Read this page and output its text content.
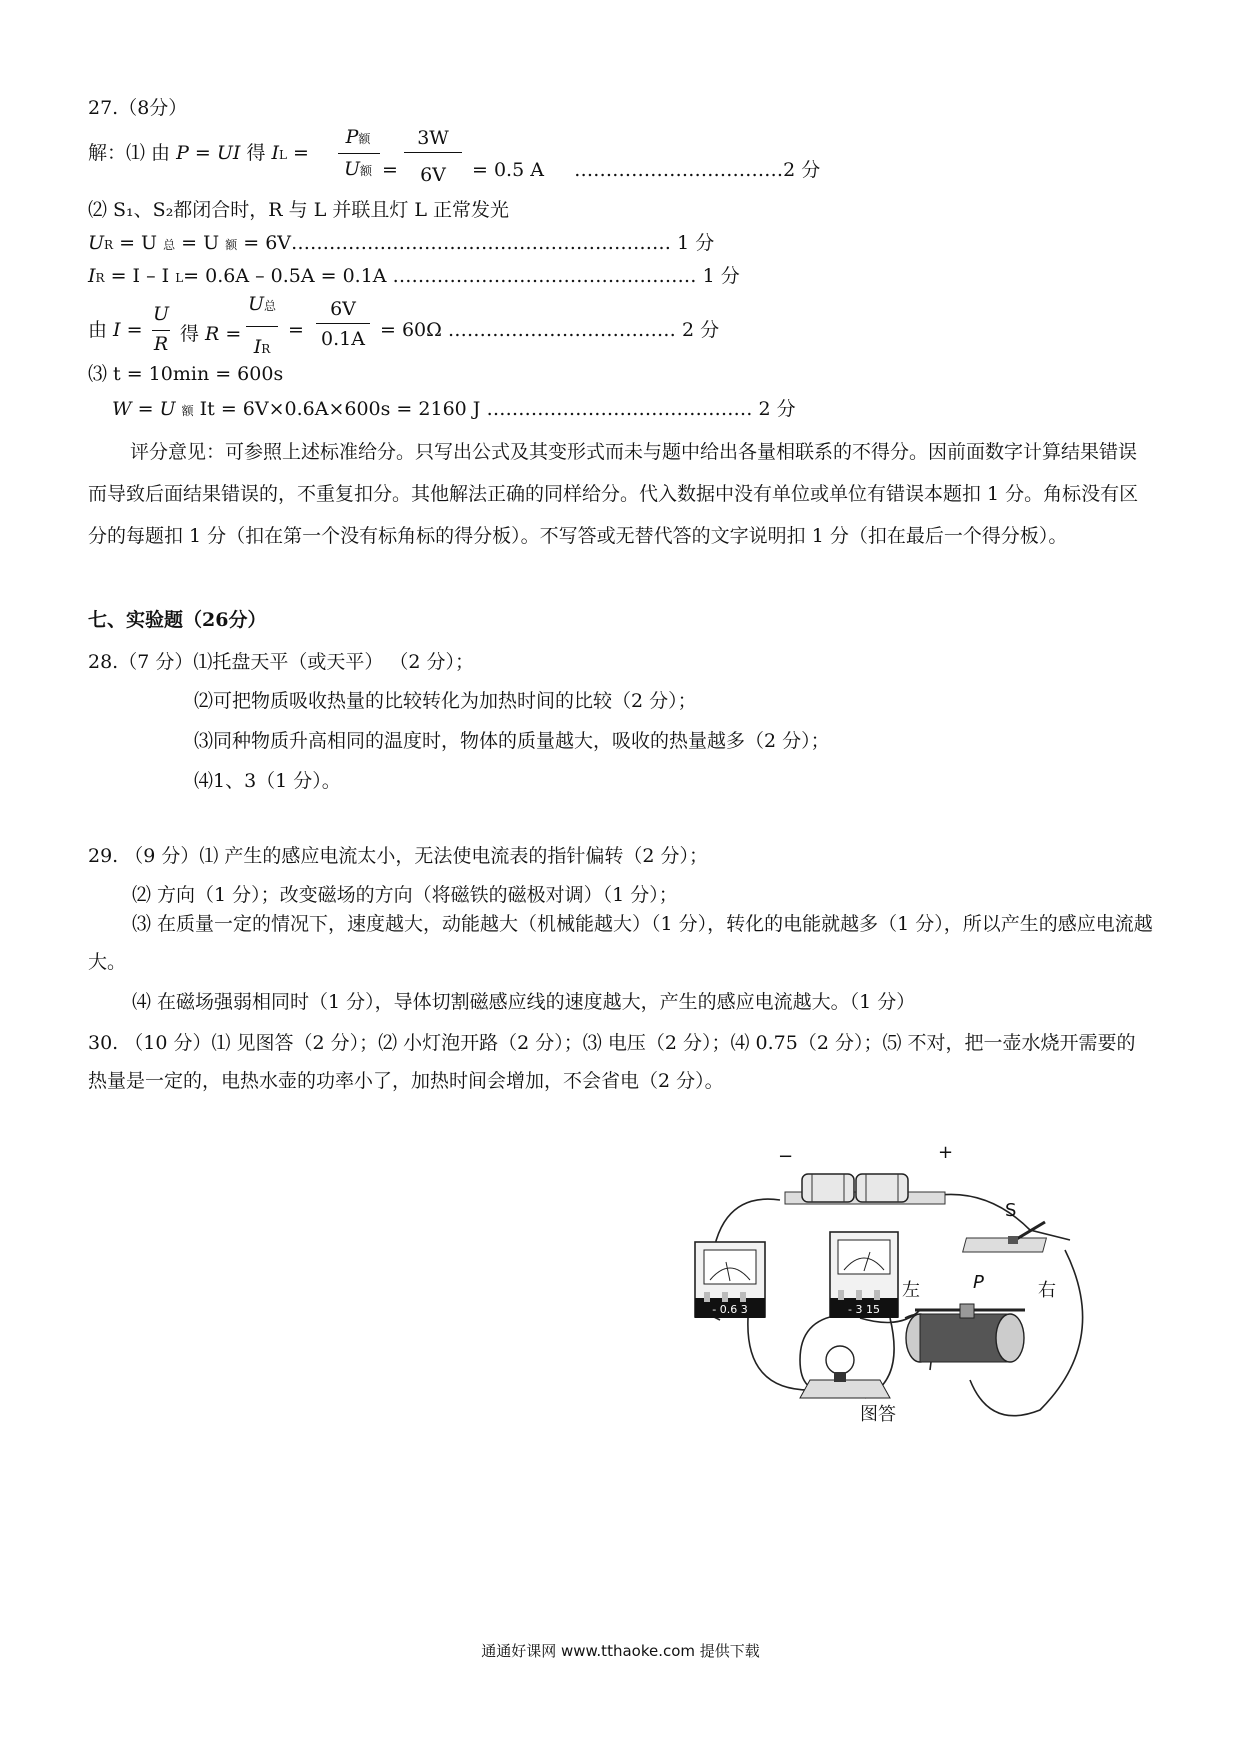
27.（8分）
解：⑴ 由 P = UI 得 IL =
P额
U额 =
3W
6V	= 0.5 A ……………………………2 分
⑵ S₁、S₂都闭合时，R 与 L 并联且灯 L 正常发光
UR = U 总 = U 额 = 6V…………………………………………………… 1 分
IR = I – I L= 0.6A – 0.5A = 0.1A ………………………………………… 1 分
由 I =
U
R 得 R =
U总
IR
=
6V
0.1A = 60Ω ……………………………… 2 分
⑶ t = 10min = 600s
W = U 额 It = 6V×0.6A×600s = 2160 J …………………………………… 2 分
评分意见：可参照上述标准给分。只写出公式及其变形式而未与题中给出各量相联系的不得分。因前面数字计算结果错误而导致后面结果错误的，不重复扣分。其他解法正确的同样给分。代入数据中没有单位或单位有错误本题扣 1 分。角标没有区分的每题扣 1 分（扣在第一个没有标角标的得分板）。不写答或无替代答的文字说明扣 1 分（扣在最后一个得分板）。
七、实验题（26分）
28.（7 分）⑴托盘天平（或天平） （2 分）；
⑵可把物质吸收热量的比较转化为加热时间的比较（2 分）；
⑶同种物质升高相同的温度时，物体的质量越大，吸收的热量越多（2 分）；
⑷1、3（1 分）。
29. （9 分）⑴ 产生的感应电流太小，无法使电流表的指针偏转（2 分）；
⑵ 方向（1 分）；改变磁场的方向（将磁铁的磁极对调）（1 分）；
⑶ 在质量一定的情况下，速度越大，动能越大（机械能越大）（1 分），转化的电能就越多（1 分），所以产生的感应电流越大。
⑷ 在磁场强弱相同时（1 分），导体切割磁感应线的速度越大，产生的感应电流越大。（1 分）
30. （10 分）⑴ 见图答（2 分）；⑵ 小灯泡开路（2 分）；⑶ 电压（2 分）；⑷ 0.75（2 分）；⑸ 不对，把一壶水烧开需要的热量是一定的，电热水壶的功率小了，加热时间会增加，不会省电（2 分）。
- 0.6 3	- 3 15
−	+
S
左	P	右
图答
通通好课网 www.tthaoke.com 提供下载
